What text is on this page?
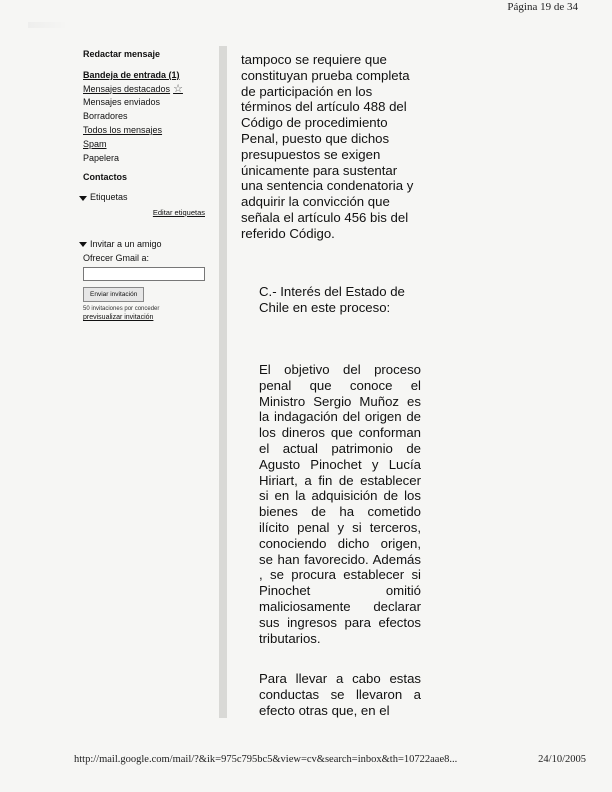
Página 19 de 34
Redactar mensaje
Bandeja de entrada (1)
Mensajes destacados ☆
Mensajes enviados
Borradores
Todos los mensajes
Spam
Papelera
Contactos
Etiquetas
Editar etiquetas
Invitar a un amigo
Ofrecer Gmail a:
Enviar invitación
50 invitaciones por conceder
previsualizar invitación
tampoco se requiere que constituyan prueba completa de participación en los términos del artículo 488 del Código de procedimiento Penal, puesto que dichos presupuestos se exigen únicamente para sustentar una sentencia condenatoria y adquirir la convicción que señala el artículo 456 bis del referido Código.
C.- Interés del Estado de Chile en este proceso:
El objetivo del proceso penal que conoce el Ministro Sergio Muñoz es la indagación del origen de los dineros que conforman el actual patrimonio de Agusto Pinochet y Lucía Hiriart, a fin de establecer si en la adquisición de los bienes de ha cometido ilícito penal y si terceros, conociendo dicho origen, se han favorecido. Además , se procura establecer si Pinochet omitió maliciosamente declarar sus ingresos para efectos tributarios.
Para llevar a cabo estas conductas se llevaron a efecto otras que, en el
http://mail.google.com/mail/?&ik=975c795bc5&view=cv&search=inbox&th=10722aae8...	24/10/2005
